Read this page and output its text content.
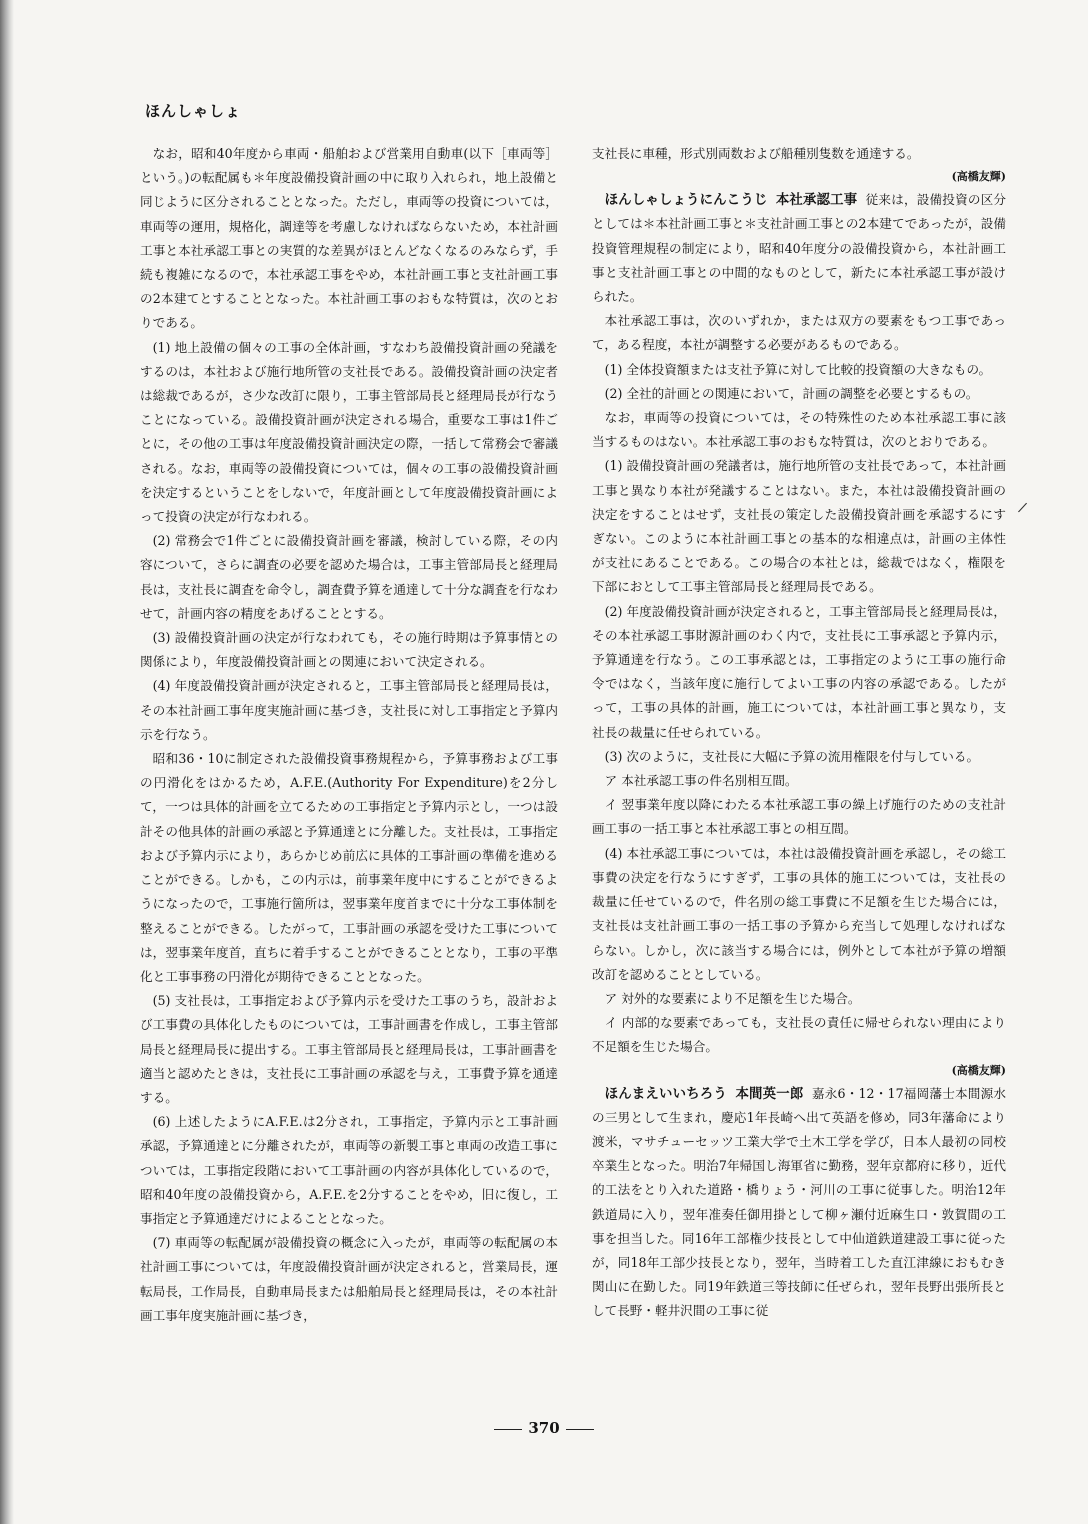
ほんしゃしょ

なお，昭和40年度から車両・船舶および営業用自動車(以下［車両等］という。)の転配属も＊年度設備投資計画の中に取り入れられ，地上設備と同じように区分されることとなった。ただし，車両等の投資については，車両等の運用，規格化，調達等を考慮しなければならないため，本社計画工事と本社承認工事との実質的な差異がほとんどなくなるのみならず，手続も複雑になるので，本社承認工事をやめ，本社計画工事と支社計画工事の2本建てとすることとなった。本社計画工事のおもな特質は，次のとおりである。

(1) 地上設備の個々の工事の全体計画，すなわち設備投資計画の発議をするのは，本社および施行地所管の支社長である。設備投資計画の決定者は総裁であるが，さ少な改訂に限り，工事主管部局長と経理局長が行なうことになっている。設備投資計画が決定される場合，重要な工事は1件ごとに，その他の工事は年度設備投資計画決定の際，一括して常務会で審議される。なお，車両等の設備投資については，個々の工事の設備投資計画を決定するということをしないで，年度計画として年度設備投資計画によって投資の決定が行なわれる。

(2) 常務会で1件ごとに設備投資計画を審議，検討している際，その内容について，さらに調査の必要を認めた場合は，工事主管部局長と経理局長は，支社長に調査を命令し，調査費予算を通達して十分な調査を行なわせて，計画内容の精度をあげることとする。

(3) 設備投資計画の決定が行なわれても，その施行時期は予算事情との関係により，年度設備投資計画との関連において決定される。

(4) 年度設備投資計画が決定されると，工事主管部局長と経理局長は，その本社計画工事年度実施計画に基づき，支社長に対し工事指定と予算内示を行なう。

昭和36・10に制定された設備投資事務規程から，予算事務および工事の円滑化をはかるため，A.F.E.(Authority For Expenditure)を2分して，一つは具体的計画を立てるための工事指定と予算内示とし，一つは設計その他具体的計画の承認と予算通達とに分離した。支社長は，工事指定および予算内示により，あらかじめ前広に具体的工事計画の準備を進めることができる。しかも，この内示は，前事業年度中にすることができるようになったので，工事施行箇所は，翌事業年度首までに十分な工事体制を整えることができる。したがって，工事計画の承認を受けた工事については，翌事業年度首，直ちに着手することができることとなり，工事の平準化と工事事務の円滑化が期待できることとなった。

(5) 支社長は，工事指定および予算内示を受けた工事のうち，設計および工事費の具体化したものについては，工事計画書を作成し，工事主管部局長と経理局長に提出する。工事主管部局長と経理局長は，工事計画書を適当と認めたときは，支社長に工事計画の承認を与え，工事費予算を通達する。

(6) 上述したようにA.F.E.は2分され，工事指定，予算内示と工事計画承認，予算通達とに分離されたが，車両等の新製工事と車両の改造工事については，工事指定段階において工事計画の内容が具体化しているので，昭和40年度の設備投資から，A.F.E.を2分することをやめ，旧に復し，工事指定と予算通達だけによることとなった。

(7) 車両等の転配属が設備投資の概念に入ったが，車両等の転配属の本社計画工事については，年度設備投資計画が決定されると，営業局長，運転局長，工作局長，自動車局長または船舶局長と経理局長は，その本社計画工事年度実施計画に基づき，

支社長に車種，形式別両数および船種別隻数を通達する。

(高橋友輝)

ほんしゃしょうにんこうじ 本社承認工事 従来は，設備投資の区分としては＊本社計画工事と＊支社計画工事との2本建てであったが，設備投資管理規程の制定により，昭和40年度分の設備投資から，本社計画工事と支社計画工事との中間的なものとして，新たに本社承認工事が設けられた。

本社承認工事は，次のいずれか，または双方の要素をもつ工事であって，ある程度，本社が調整する必要があるものである。

(1) 全体投資額または支社予算に対して比較的投資額の大きなもの。

(2) 全社的計画との関連において，計画の調整を必要とするもの。

なお，車両等の投資については，その特殊性のため本社承認工事に該当するものはない。本社承認工事のおもな特質は，次のとおりである。

(1) 設備投資計画の発議者は，施行地所管の支社長であって，本社計画工事と異なり本社が発議することはない。また，本社は設備投資計画の決定をすることはせず，支社長の策定した設備投資計画を承認するにすぎない。このように本社計画工事との基本的な相違点は，計画の主体性が支社にあることである。この場合の本社とは，総裁ではなく，権限を下部におとして工事主管部局長と経理局長である。

(2) 年度設備投資計画が決定されると，工事主管部局長と経理局長は，その本社承認工事財源計画のわく内で，支社長に工事承認と予算内示，予算通達を行なう。この工事承認とは，工事指定のように工事の施行命令ではなく，当該年度に施行してよい工事の内容の承認である。したがって，工事の具体的計画，施工については，本社計画工事と異なり，支社長の裁量に任せられている。

(3) 次のように，支社長に大幅に予算の流用権限を付与している。

ア 本社承認工事の件名別相互間。

イ 翌事業年度以降にわたる本社承認工事の繰上げ施行のための支社計画工事の一括工事と本社承認工事との相互間。

(4) 本社承認工事については，本社は設備投資計画を承認し，その総工事費の決定を行なうにすぎず，工事の具体的施工については，支社長の裁量に任せているので，件名別の総工事費に不足額を生じた場合には，支社長は支社計画工事の一括工事の予算から充当して処理しなければならない。しかし，次に該当する場合には，例外として本社が予算の増額改訂を認めることとしている。

ア 対外的な要素により不足額を生じた場合。

イ 内部的な要素であっても，支社長の責任に帰せられない理由により不足額を生じた場合。

(高橋友輝)

ほんまえいいちろう 本間英一郎 嘉永6・12・17福岡藩士本間源水の三男として生まれ，慶応1年長崎へ出て英語を修め，同3年藩命により渡米，マサチューセッツ工業大学で土木工学を学び，日本人最初の同校卒業生となった。明治7年帰国し海軍省に勤務，翌年京都府に移り，近代的工法をとり入れた道路・橋りょう・河川の工事に従事した。明治12年鉄道局に入り，翌年准奏任御用掛として柳ヶ瀬付近麻生口・敦賀間の工事を担当した。同16年工部権少技長として中仙道鉄道建設工事に従ったが，同18年工部少技長となり，翌年，当時着工した直江津線におもむき関山に在勤した。同19年鉄道三等技師に任ぜられ，翌年長野出張所長として長野・軽井沢間の工事に従

/
370
